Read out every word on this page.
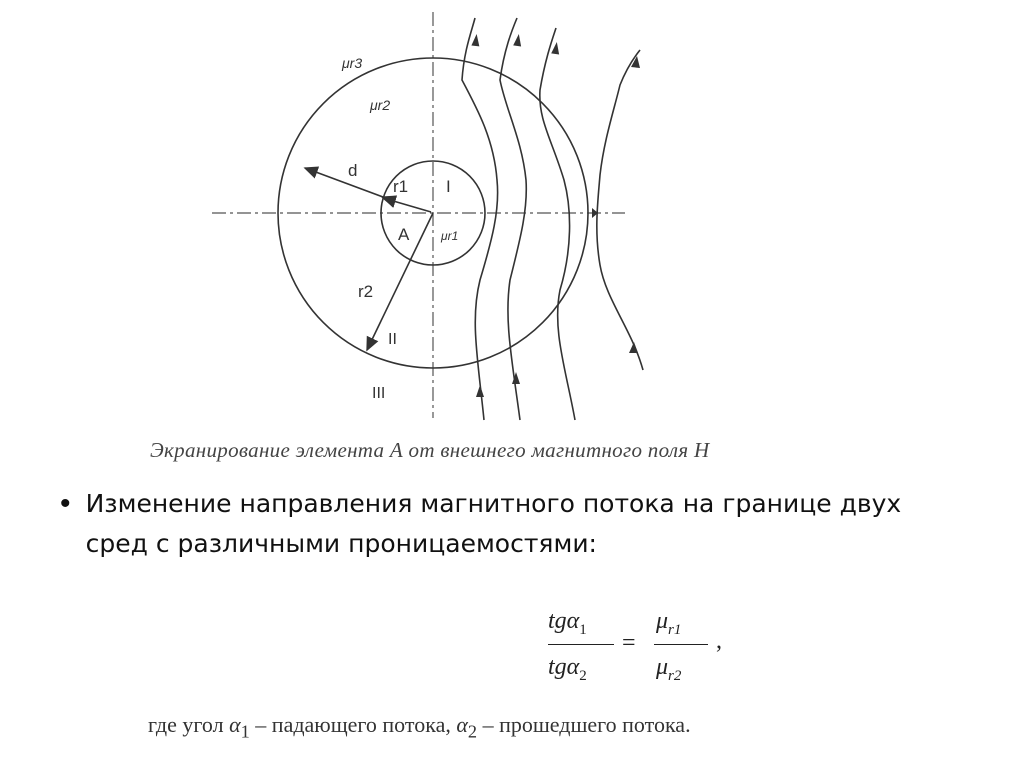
μr3
μr2
d
r1 I
A	μr1
r2
II
III
Экранирование элемента А от внешнего магнитного поля Н
• Изменение направления магнитного потока на границе двух сред с различными проницаемостями:
tgα$_1$
tgα$_2$
=
$\mu_{r1}$
$\mu_{r2}$
,
где угол $\alpha_1$ – падающего потока, $\alpha_2$ – прошедшего потока.
